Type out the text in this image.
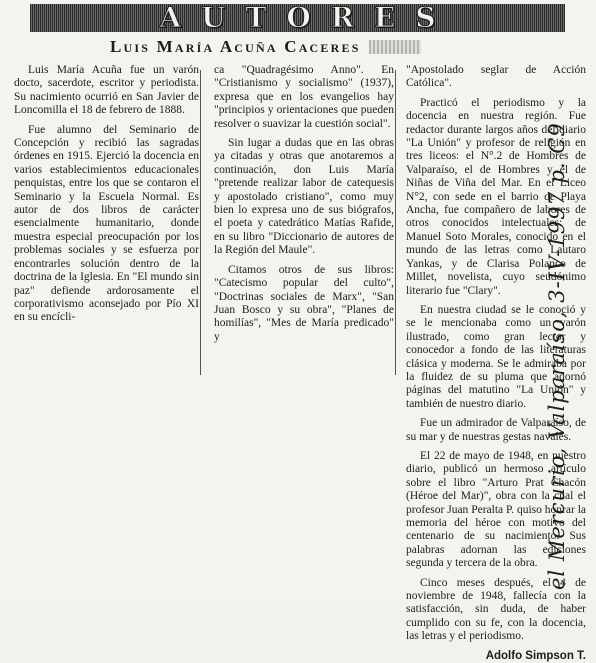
AUTORES
Luis María Acuña Caceres

Luis María Acuña fue un varón docto, sacerdote, escritor y periodista. Su nacimiento ocurrió en San Javier de Loncomilla el 18 de febrero de 1888.

Fue alumno del Seminario de Concepción y recibió las sagradas órdenes en 1915. Ejerció la docencia en varios establecimientos educacionales penquistas, entre los que se contaron el Seminario y la Escuela Normal. Es autor de dos libros de carácter esencialmente humanitario, donde muestra especial preocupación por los problemas sociales y se esfuerza por encontrarles solución dentro de la doctrina de la Iglesia. En "El mundo sin paz" defiende ardorosamente el corporativismo aconsejado por Pío XI en su encícli-

ca "Quadragésimo Anno". En "Cristianismo y socialismo" (1937), expresa que en los evangelios hay "principios y orientaciones que pueden resolver o suavizar la cuestión social".

Sin lugar a dudas que en las obras ya citadas y otras que anotaremos a continuación, don Luis María "pretende realizar labor de catequesis y apostolado cristiano", como muy bien lo expresa uno de sus biógrafos, el poeta y catedrático Matías Rafide, en su libro "Diccionario de autores de la Región del Maule".

Citamos otros de sus libros: "Catecismo popular del culto", "Doctrinas sociales de Marx", "San Juan Bosco y su obra", "Planes de homilías", "Mes de María predicado" y

"Apostolado seglar de Acción Católica".

Practicó el periodismo y la docencia en nuestra región. Fue redactor durante largos años del diario "La Unión" y profesor de religión en tres liceos: el N°.2 de Hombres de Valparaíso, el de Hombres y el de Niñas de Viña del Mar. En el Liceo N°2, con sede en el barrio de Playa Ancha, fue compañero de labores de otros conocidos intelectuales: de Manuel Soto Morales, conocido en el mundo de las letras como Lautaro Yankas, y de Clarisa Polanco de Millet, novelista, cuyo seudónimo literario fue "Clary".

En nuestra ciudad se le conoció y se le mencionaba como un varón ilustrado, como gran lector y conocedor a fondo de las literaturas clásica y moderna. Se le admiraba por la fluidez de su pluma que adornó páginas del matutino "La Unión" y también de nuestro diario.

Fue un admirador de Valparaíso, de su mar y de nuestras gestas navales.

El 22 de mayo de 1948, en nuestro diario, publicó un hermoso artículo sobre el libro "Arturo Prat Chacón (Héroe del Mar)", obra con la cual el profesor Juan Peralta P. quiso honrar la memoria del héroe con motivo del centenario de su nacimiento. Sus palabras adornan las ediciones segunda y tercera de la obra.

Cinco meses después, el 4 de noviembre de 1948, fallecía con la satisfacción, sin duda, de haber cumplido con su fe, con la docencia, las letras y el periodismo.

Adolfo Simpson T.
el Mercurio, Valparaíso, 3-IV-1997 p. C9
